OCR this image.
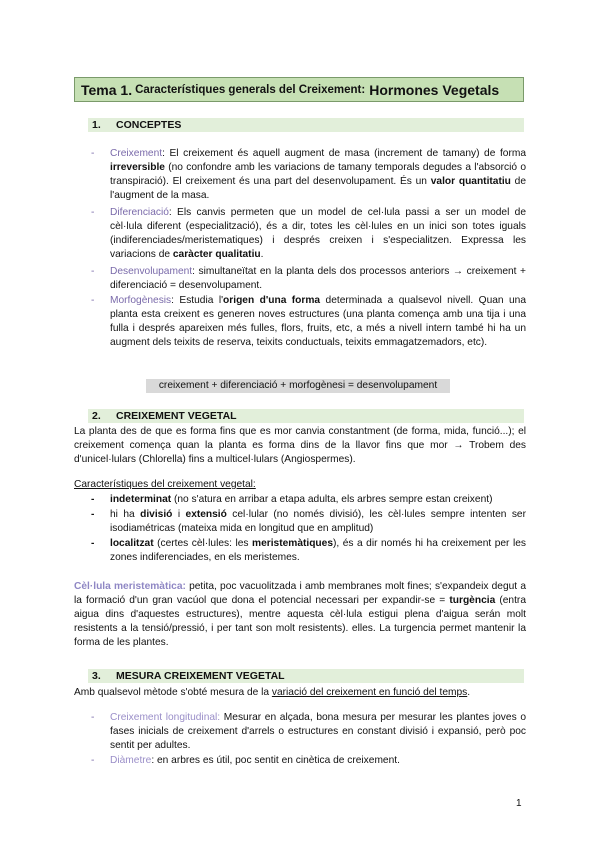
Tema 1. Característiques generals del Creixement: Hormones Vegetals
1.	CONCEPTES
- Creixement: El creixement és aquell augment de masa (increment de tamany) de forma irreversible (no confondre amb les variacions de tamany temporals degudes a l'absorció o transpiració). El creixement és una part del desenvolupament. És un valor quantitatiu de l'augment de la masa.
- Diferenciació: Els canvis permeten que un model de cel·lula passi a ser un model de cèl·lula diferent (especialització), és a dir, totes les cèl·lules en un inici son totes iguals (indiferenciades/meristematiques) i després creixen i s'especialitzen. Expressa les variacions de caràcter qualitatiu.
- Desenvolupament: simultaneïtat en la planta dels dos processos anteriors → creixement + diferenciació = desenvolupament.
- Morfogènesis: Estudia l'origen d'una forma determinada a qualsevol nivell. Quan una planta esta creixent es generen noves estructures (una planta comença amb una tija i una fulla i després apareixen més fulles, flors, fruits, etc, a més a nivell intern també hi ha un augment dels teixits de reserva, teixits conductuals, teixits emmagatzemadors, etc).
creixement + diferenciació + morfogènesi = desenvolupament
2.	CREIXEMENT VEGETAL
La planta des de que es forma fins que es mor canvia constantment (de forma, mida, funció...); el creixement comença quan la planta es forma dins de la llavor fins que mor → Trobem des d'unicel·lulars (Chlorella) fins a multicel·lulars (Angiospermes).
Característiques del creixement vegetal:
- indeterminat (no s'atura en arribar a etapa adulta, els arbres sempre estan creixent)
- hi ha divisió i extensió cel·lular (no només divisió), les cèl·lules sempre intenten ser isodiamétricas (mateixa mida en longitud que en amplitud)
- localitzat (certes cèl·lules: les meristemàtiques), és a dir només hi ha creixement per les zones indiferenciades, en els meristemes.
Cèl·lula meristemàtica: petita, poc vacuolitzada i amb membranes molt fines; s'expandeix degut a la formació d'un gran vacúol que dona el potencial necessari per expandir-se = turgència (entra aigua dins d'aquestes estructures), mentre aquesta cèl·lula estigui plena d'aigua serán molt resistents a la tensió/pressió, i per tant son molt resistents). elles. La turgencia permet mantenir la forma de les plantes.
3.	MESURA CREIXEMENT VEGETAL
Amb qualsevol mètode s'obté mesura de la variació del creixement en funció del temps.
- Creixement longitudinal: Mesurar en alçada, bona mesura per mesurar les plantes joves o fases inicials de creixement d'arrels o estructures en constant divisió i expansió, però poc sentit per adultes.
- Diàmetre: en arbres es útil, poc sentit en cinètica de creixement.
1
